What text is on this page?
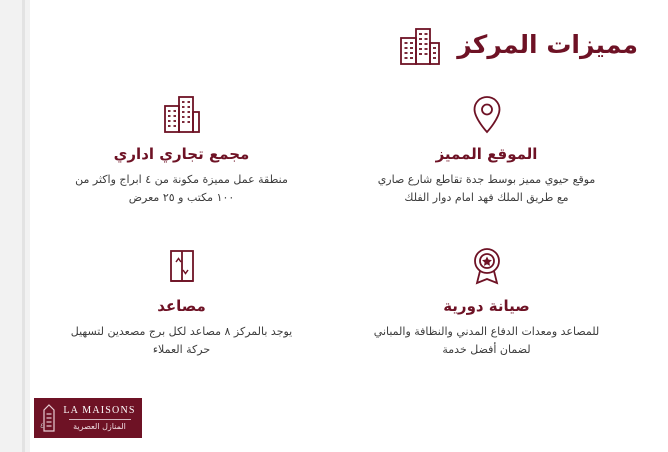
مميزات المركز
الموقع المميز
موقع حيوي مميز بوسط جدة تقاطع شارع صاري مع طريق الملك فهد امام دوار الفلك
مجمع تجاري اداري
منطقة عمل مميزة مكونة من ٤ ابراج واكثر من ١٠٠ مكتب و ٢٥ معرض
صيانة دورية
للمصاعد ومعدات الدفاع المدني والنظافة والمباني لضمان أفضل خدمة
مصاعد
يوجد بالمركز ٨ مصاعد لكل برج مصعدين لتسهيل حركة العملاء
LA MAISONS
المنازل العصرية
٤
